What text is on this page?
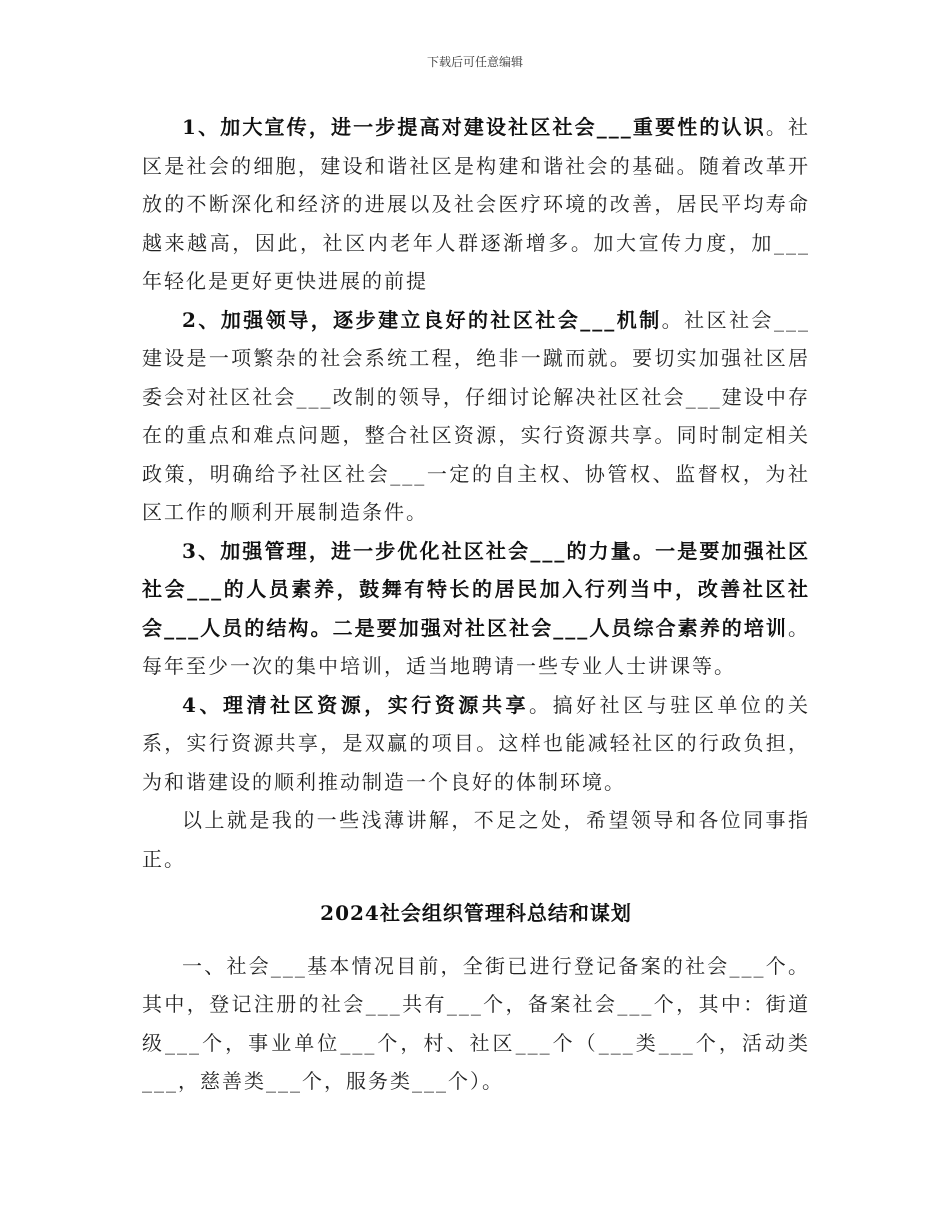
下载后可任意编辑

1、加大宣传，进一步提高对建设社区社会___重要性的认识。社区是社会的细胞，建设和谐社区是构建和谐社会的基础。随着改革开放的不断深化和经济的进展以及社会医疗环境的改善，居民平均寿命越来越高，因此，社区内老年人群逐渐增多。加大宣传力度，加___年轻化是更好更快进展的前提

2、加强领导，逐步建立良好的社区社会___机制。社区社会___建设是一项繁杂的社会系统工程，绝非一蹴而就。要切实加强社区居委会对社区社会___改制的领导，仔细讨论解决社区社会___建设中存在的重点和难点问题，整合社区资源，实行资源共享。同时制定相关政策，明确给予社区社会___一定的自主权、协管权、监督权，为社区工作的顺利开展制造条件。

3、加强管理，进一步优化社区社会___的力量。一是要加强社区社会___的人员素养，鼓舞有特长的居民加入行列当中，改善社区社会___人员的结构。二是要加强对社区社会___人员综合素养的培训。每年至少一次的集中培训，适当地聘请一些专业人士讲课等。

4、理清社区资源，实行资源共享。搞好社区与驻区单位的关系，实行资源共享，是双赢的项目。这样也能减轻社区的行政负担，为和谐建设的顺利推动制造一个良好的体制环境。

以上就是我的一些浅薄讲解，不足之处，希望领导和各位同事指正。

2024社会组织管理科总结和谋划

一、社会___基本情况目前，全街已进行登记备案的社会___个。其中，登记注册的社会___共有___个，备案社会___个，其中：街道级___个，事业单位___个，村、社区___个（___类___个，活动类___，慈善类___个，服务类___个）。
